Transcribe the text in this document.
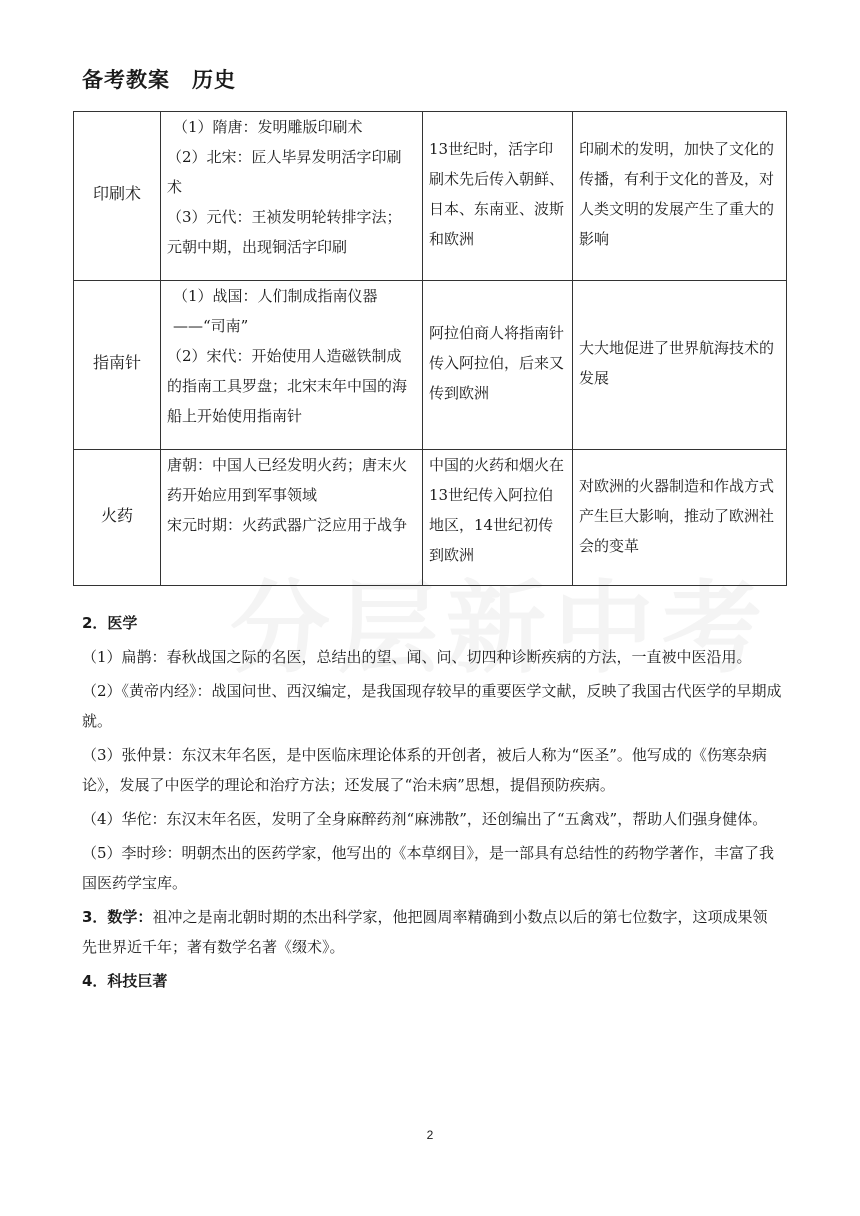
备考教案 历史
印刷术	（1）隋唐：发明雕版印刷术
（2）北宋：匠人毕昇发明活字印刷术
（3）元代：王祯发明轮转排字法；元朝中期，出现铜活字印刷	13世纪时，活字印刷术先后传入朝鲜、日本、东南亚、波斯和欧洲	印刷术的发明，加快了文化的传播，有利于文化的普及，对人类文明的发展产生了重大的影响
指南针	（1）战国：人们制成指南仪器——“司南”
（2）宋代：开始使用人造磁铁制成的指南工具罗盘；北宋末年中国的海船上开始使用指南针	阿拉伯商人将指南针传入阿拉伯，后来又传到欧洲	大大地促进了世界航海技术的发展
火药	唐朝：中国人已经发明火药；唐末火药开始应用到军事领域
宋元时期：火药武器广泛应用于战争	中国的火药和烟火在13世纪传入阿拉伯地区，14世纪初传到欧洲	对欧洲的火器制造和作战方式产生巨大影响，推动了欧洲社会的变革

2．医学

（1）扁鹊：春秋战国之际的名医，总结出的望、闻、问、切四种诊断疾病的方法，一直被中医沿用。

（2）《黄帝内经》：战国问世、西汉编定，是我国现存较早的重要医学文献，反映了我国古代医学的早期成就。

（3）张仲景：东汉末年名医，是中医临床理论体系的开创者，被后人称为“医圣”。他写成的《伤寒杂病论》，发展了中医学的理论和治疗方法；还发展了“治未病”思想，提倡预防疾病。

（4）华佗：东汉末年名医，发明了全身麻醉药剂“麻沸散”，还创编出了“五禽戏”，帮助人们强身健体。

（5）李时珍：明朝杰出的医药学家，他写出的《本草纲目》，是一部具有总结性的药物学著作，丰富了我国医药学宝库。

3．数学：祖冲之是南北朝时期的杰出科学家，他把圆周率精确到小数点以后的第七位数字，这项成果领先世界近千年；著有数学名著《缀术》。

4．科技巨著

2
